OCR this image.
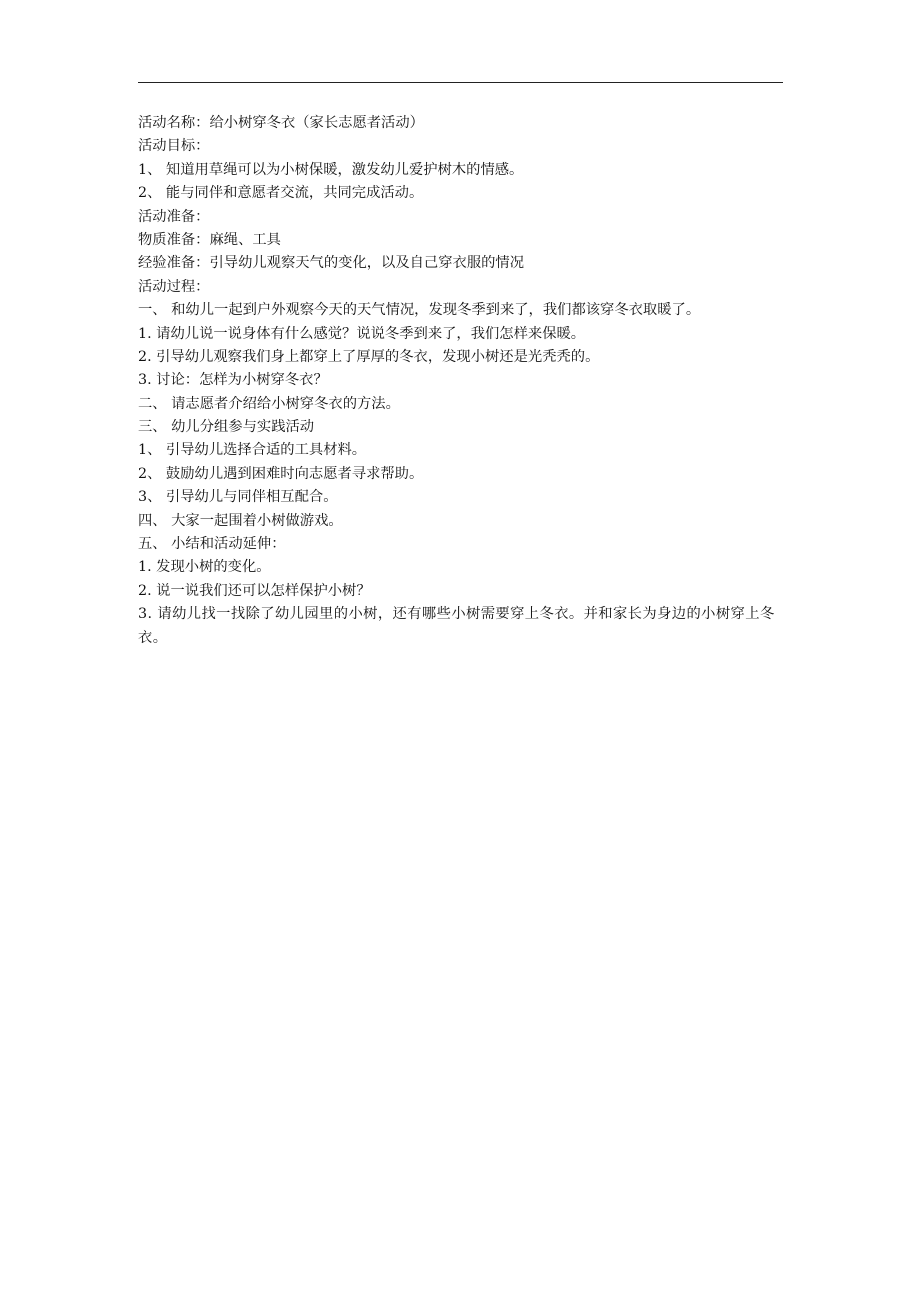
活动名称：给小树穿冬衣（家长志愿者活动）
活动目标：
1、 知道用草绳可以为小树保暖，激发幼儿爱护树木的情感。
2、 能与同伴和意愿者交流，共同完成活动。
活动准备：
物质准备：麻绳、工具
经验准备：引导幼儿观察天气的变化，以及自己穿衣服的情况
活动过程：
一、 和幼儿一起到户外观察今天的天气情况，发现冬季到来了，我们都该穿冬衣取暖了。
1. 请幼儿说一说身体有什么感觉？说说冬季到来了，我们怎样来保暖。
2. 引导幼儿观察我们身上都穿上了厚厚的冬衣，发现小树还是光秃秃的。
3. 讨论：怎样为小树穿冬衣？
二、 请志愿者介绍给小树穿冬衣的方法。
三、 幼儿分组参与实践活动
1、 引导幼儿选择合适的工具材料。
2、 鼓励幼儿遇到困难时向志愿者寻求帮助。
3、 引导幼儿与同伴相互配合。
四、 大家一起围着小树做游戏。
五、 小结和活动延伸：
1. 发现小树的变化。
2. 说一说我们还可以怎样保护小树？
3. 请幼儿找一找除了幼儿园里的小树，还有哪些小树需要穿上冬衣。并和家长为身边的小树穿上冬衣。
